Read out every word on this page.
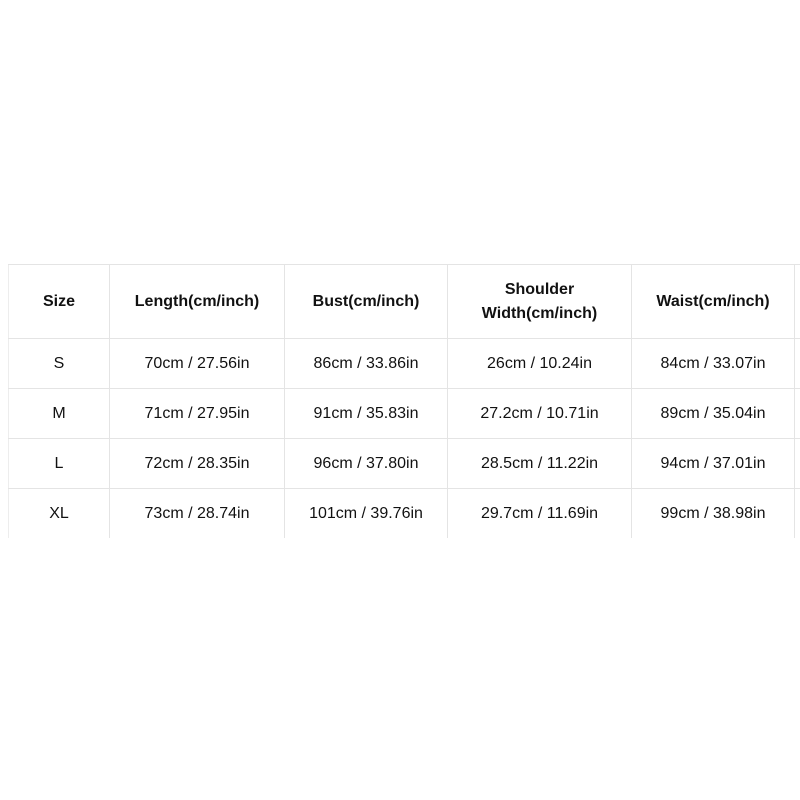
Size	Length(cm/inch)	Bust(cm/inch)	Shoulder Width(cm/inch)	Waist(cm/inch)	
S	70cm / 27.56in	86cm / 33.86in	26cm / 10.24in	84cm / 33.07in	
M	71cm / 27.95in	91cm / 35.83in	27.2cm / 10.71in	89cm / 35.04in	
L	72cm / 28.35in	96cm / 37.80in	28.5cm / 11.22in	94cm / 37.01in	
XL	73cm / 28.74in	101cm / 39.76in	29.7cm / 11.69in	99cm / 38.98in	
